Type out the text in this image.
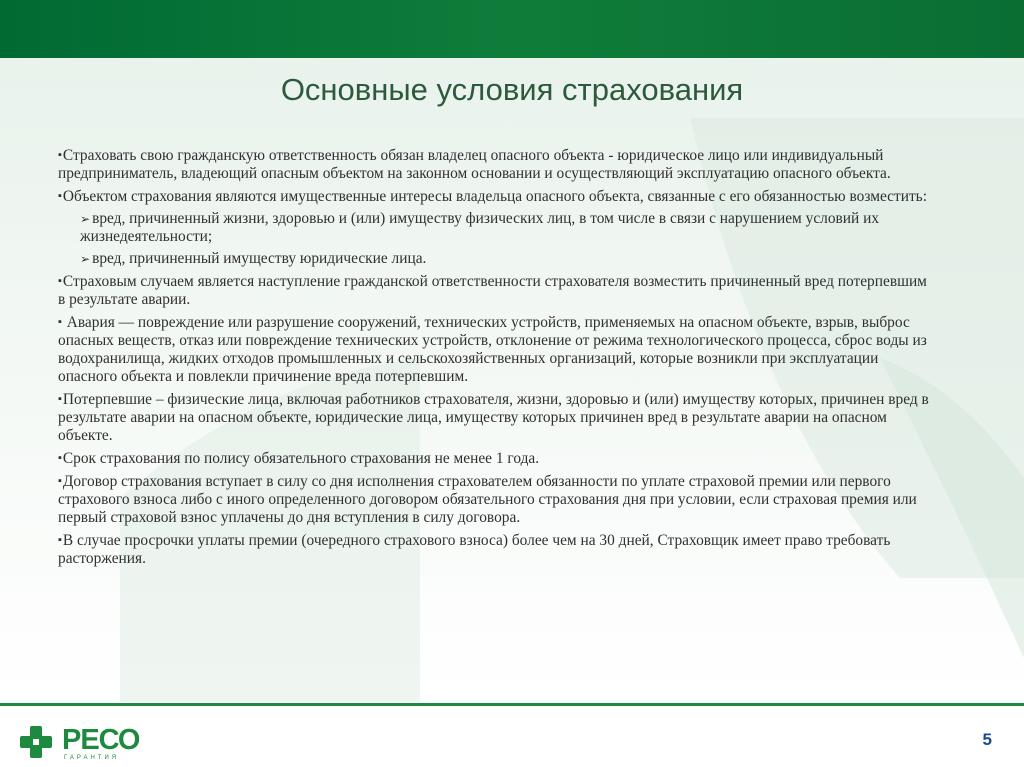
Основные условия страхования
▪Страховать свою гражданскую ответственность обязан владелец опасного объекта - юридическое лицо или индивидуальный предприниматель, владеющий опасным объектом на законном основании и осуществляющий эксплуатацию опасного объекта.
▪Объектом страхования являются имущественные интересы владельца опасного объекта, связанные с его обязанностью возместить:
➢ вред, причиненный жизни, здоровью и (или) имуществу физических лиц, в том числе в связи с нарушением условий их жизнедеятельности;
➢ вред, причиненный имуществу юридические лица.
▪Страховым случаем является наступление гражданской ответственности страхователя возместить причиненный вред потерпевшим в результате аварии.
▪ Авария — повреждение или разрушение сооружений, технических устройств, применяемых на опасном объекте, взрыв, выброс опасных веществ, отказ или повреждение технических устройств, отклонение от режима технологического процесса, сброс воды из водохранилища, жидких отходов промышленных и сельскохозяйственных организаций, которые возникли при эксплуатации опасного объекта и повлекли причинение вреда потерпевшим.
▪Потерпевшие – физические лица, включая работников страхователя, жизни, здоровью и (или) имуществу которых, причинен вред в результате аварии на опасном объекте, юридические лица, имуществу которых причинен вред в результате аварии на опасном объекте.
▪Срок страхования по полису обязательного страхования не менее 1 года.
▪Договор страхования вступает в силу со дня исполнения страхователем обязанности по уплате страховой премии или первого страхового взноса либо с иного определенного договором обязательного страхования дня при условии, если страховая премия или первый страховой взнос уплачены до дня вступления в силу договора.
▪В случае просрочки уплаты премии (очередного страхового взноса) более чем на 30 дней, Страховщик имеет право требовать расторжения.
РЕСО
ГАРАНТИЯ
5
